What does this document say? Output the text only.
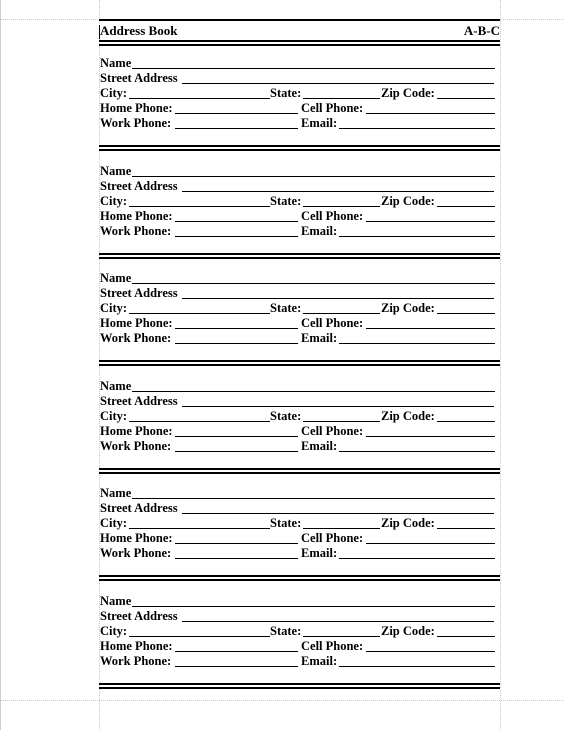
Address Book	A-B-C
Name
Street Address
City:	State:	Zip Code:
Home Phone:	Cell Phone:
Work Phone:	Email:
Name
Street Address
City:	State:	Zip Code:
Home Phone:	Cell Phone:
Work Phone:	Email:
Name
Street Address
City:	State:	Zip Code:
Home Phone:	Cell Phone:
Work Phone:	Email:
Name
Street Address
City:	State:	Zip Code:
Home Phone:	Cell Phone:
Work Phone:	Email:
Name
Street Address
City:	State:	Zip Code:
Home Phone:	Cell Phone:
Work Phone:	Email:
Name
Street Address
City:	State:	Zip Code:
Home Phone:	Cell Phone:
Work Phone:	Email:
